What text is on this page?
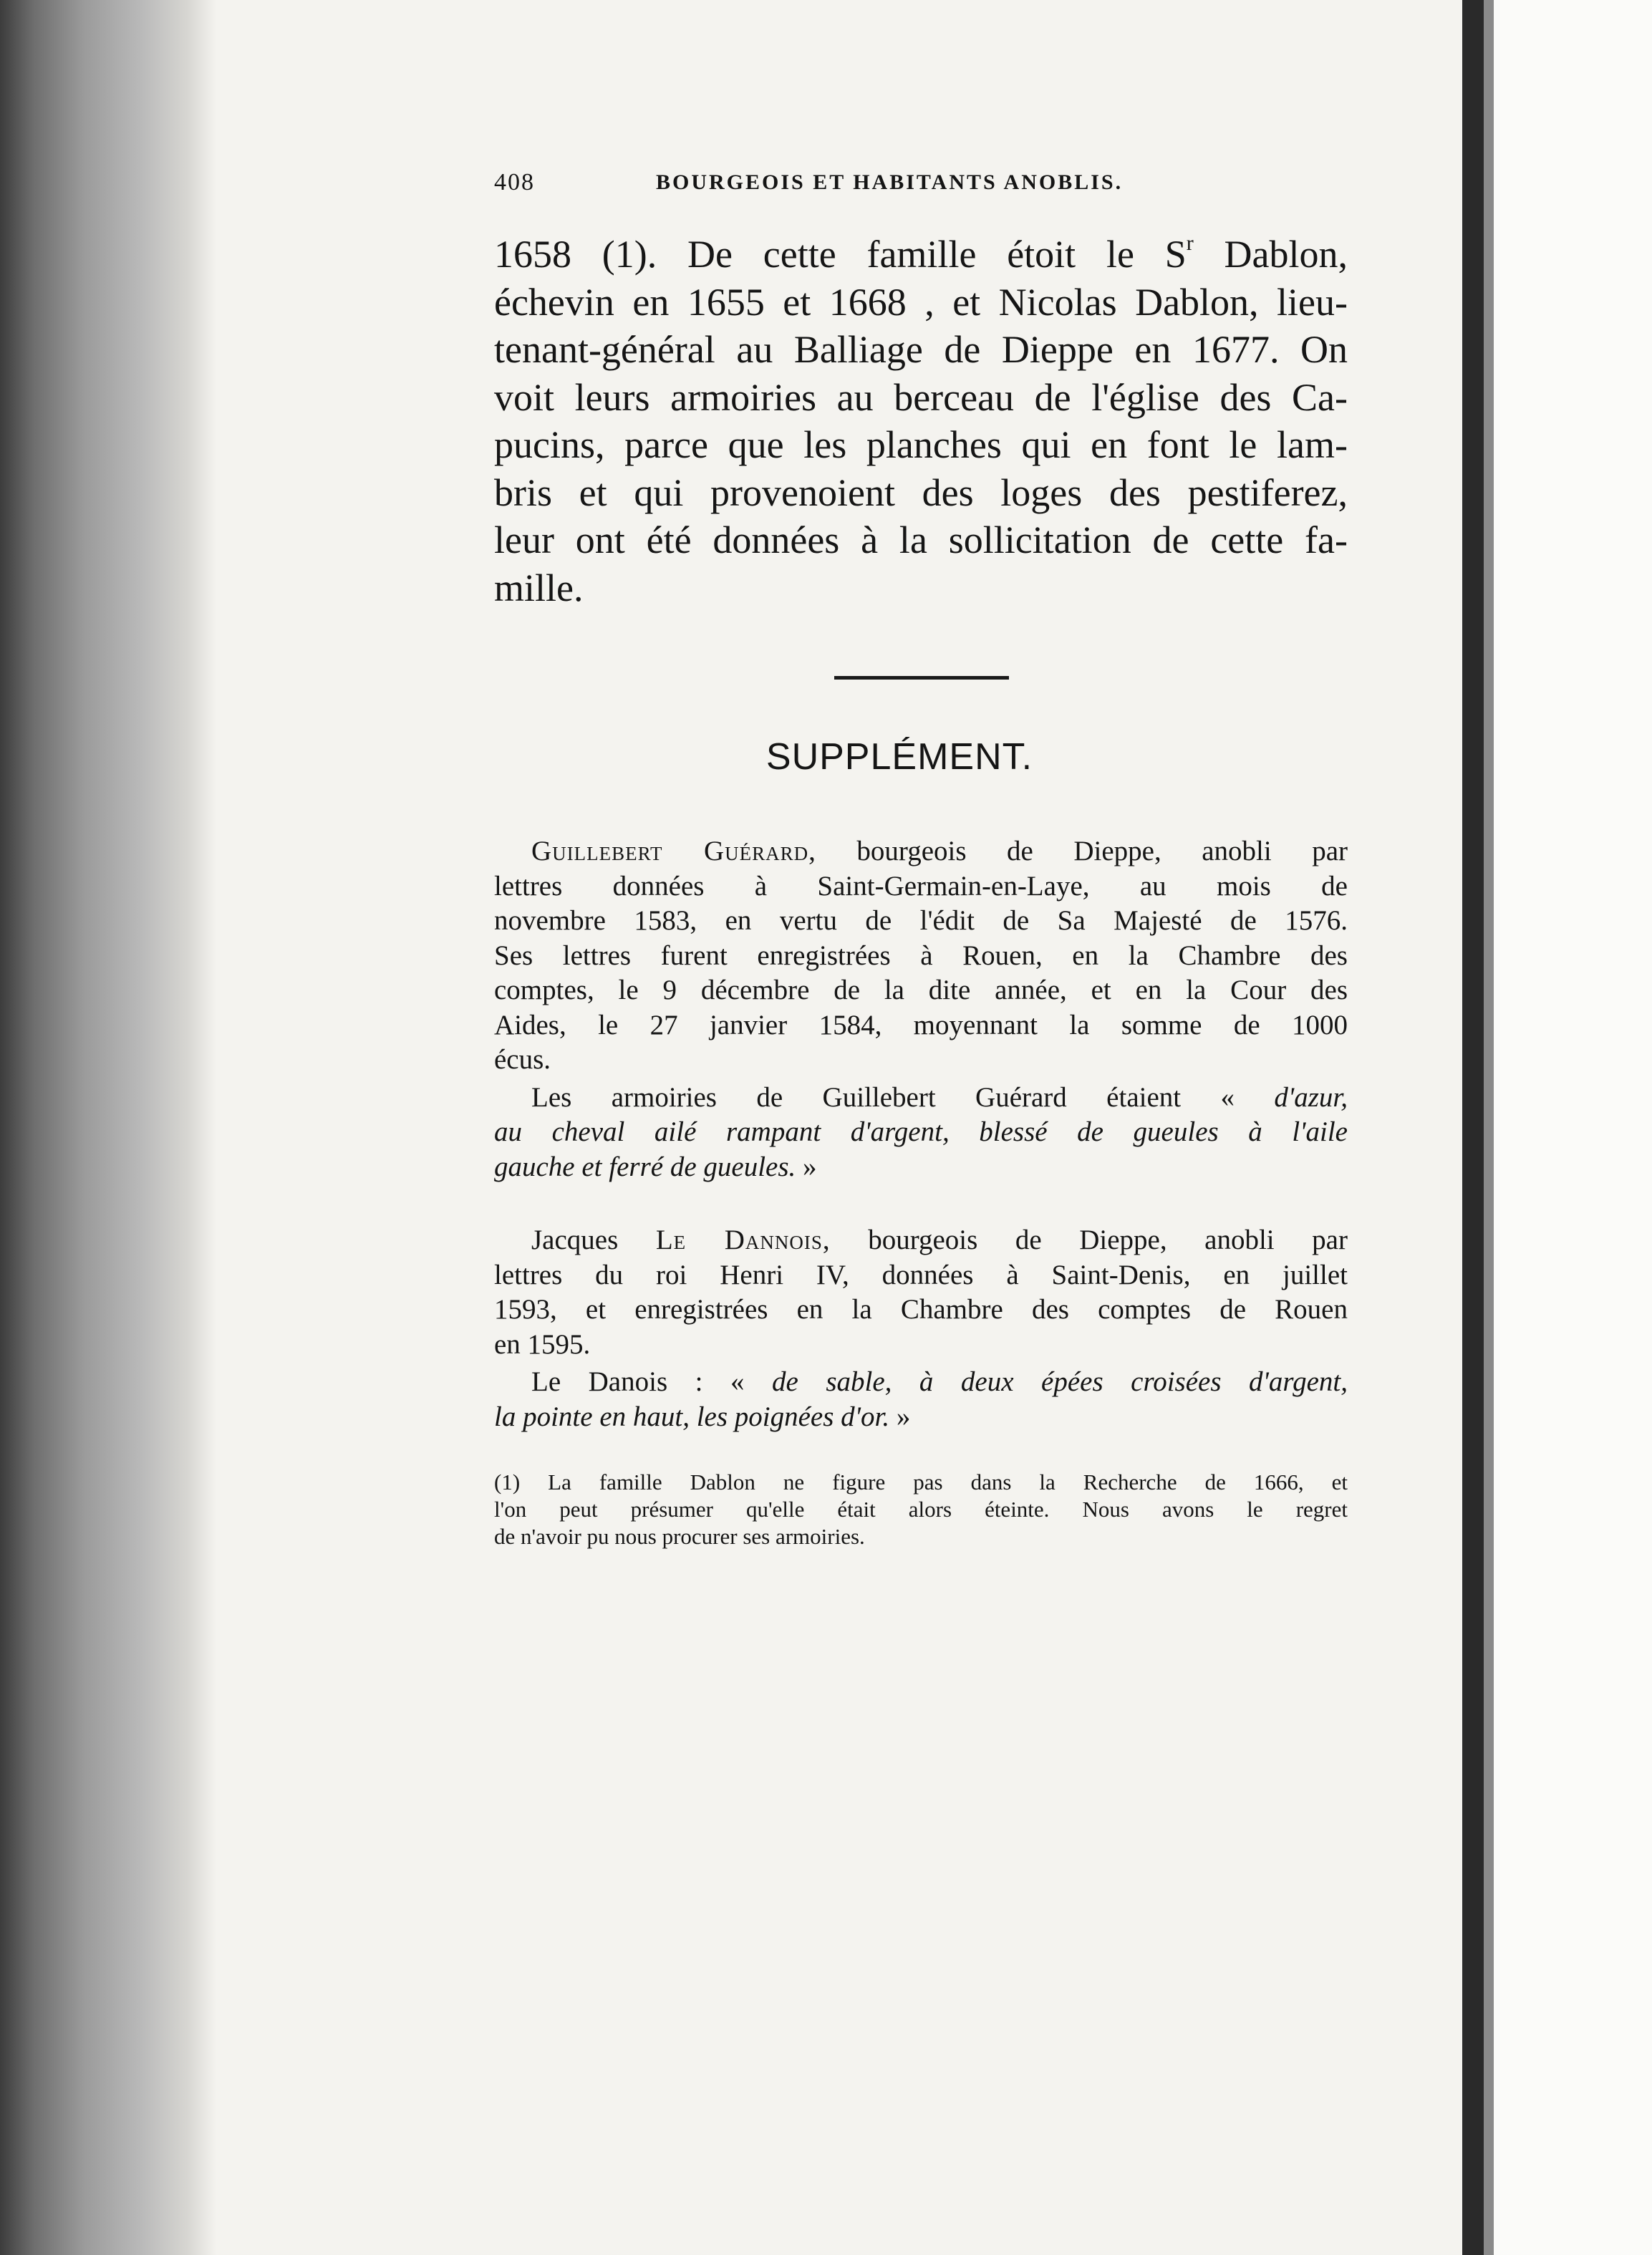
408	BOURGEOIS ET HABITANTS ANOBLIS.
1658 (1). De cette famille étoit le $S^r$ Dablon,
échevin en 1655 et 1668 , et Nicolas Dablon, lieu-
tenant-général au Balliage de Dieppe en 1677. On
voit leurs armoiries au berceau de l'église des Ca-
pucins, parce que les planches qui en font le lam-
bris et qui provenoient des loges des pestiferez,
leur ont été données à la sollicitation de cette fa-
mille.
SUPPLÉMENT.
Guillebert Guérard, bourgeois de Dieppe, anobli par
lettres données à Saint-Germain-en-Laye, au mois de
novembre 1583, en vertu de l'édit de Sa Majesté de 1576.
Ses lettres furent enregistrées à Rouen, en la Chambre des
comptes, le 9 décembre de la dite année, et en la Cour des
Aides, le 27 janvier 1584, moyennant la somme de 1000
écus.
Les armoiries de Guillebert Guérard étaient « d'azur,
au cheval ailé rampant d'argent, blessé de gueules à l'aile
gauche et ferré de gueules. »
Jacques Le Dannois, bourgeois de Dieppe, anobli par
lettres du roi Henri IV, données à Saint-Denis, en juillet
1593, et enregistrées en la Chambre des comptes de Rouen
en 1595.
Le Danois : « de sable, à deux épées croisées d'argent,
la pointe en haut, les poignées d'or. »
(1) La famille Dablon ne figure pas dans la Recherche de 1666, et
l'on peut présumer qu'elle était alors éteinte. Nous avons le regret
de n'avoir pu nous procurer ses armoiries.
